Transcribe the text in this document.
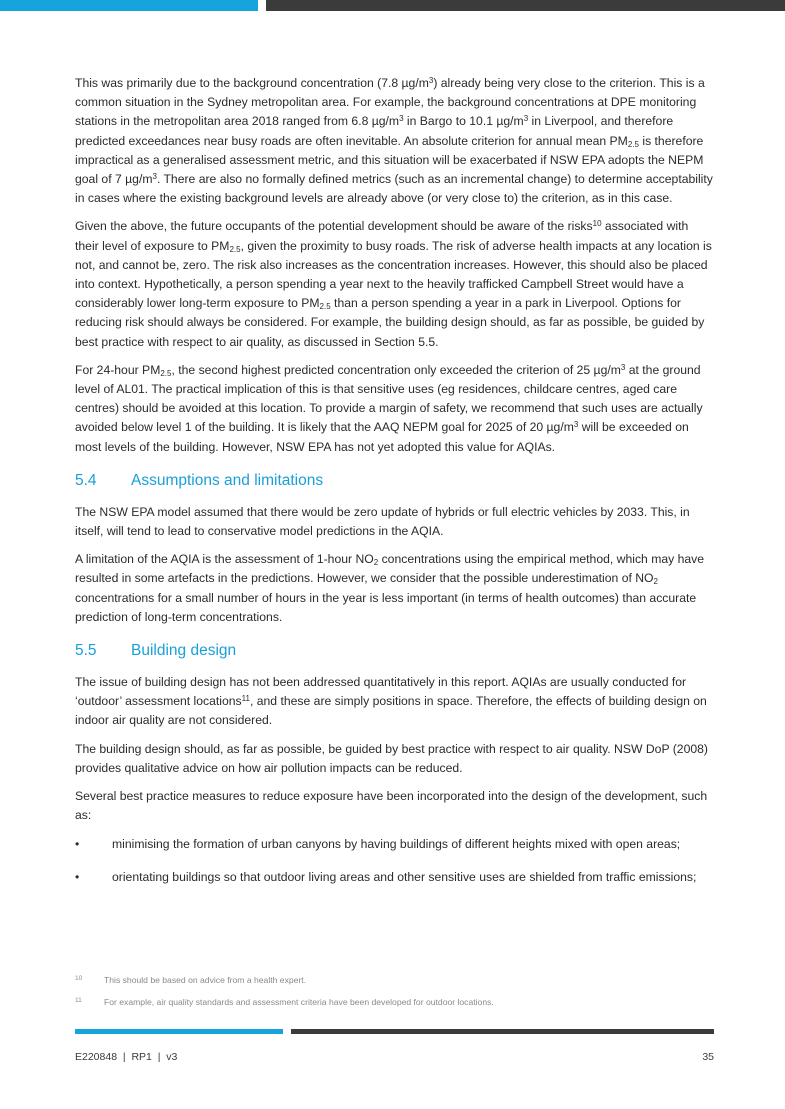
This was primarily due to the background concentration (7.8 $\mu g/m^3$) already being very close to the criterion. This is a common situation in the Sydney metropolitan area. For example, the background concentrations at DPE monitoring stations in the metropolitan area 2018 ranged from 6.8 $\mu g/m^3$ in Bargo to 10.1 $\mu g/m^3$ in Liverpool, and therefore predicted exceedances near busy roads are often inevitable. An absolute criterion for annual mean $PM_{2.5}$ is therefore impractical as a generalised assessment metric, and this situation will be exacerbated if NSW EPA adopts the NEPM goal of 7 $\mu g/m^3$. There are also no formally defined metrics (such as an incremental change) to determine acceptability in cases where the existing background levels are already above (or very close to) the criterion, as in this case.

Given the above, the future occupants of the potential development should be aware of the risks$^{10}$ associated with their level of exposure to $PM_{2.5}$, given the proximity to busy roads. The risk of adverse health impacts at any location is not, and cannot be, zero. The risk also increases as the concentration increases. However, this should also be placed into context. Hypothetically, a person spending a year next to the heavily trafficked Campbell Street would have a considerably lower long-term exposure to $PM_{2.5}$ than a person spending a year in a park in Liverpool. Options for reducing risk should always be considered. For example, the building design should, as far as possible, be guided by best practice with respect to air quality, as discussed in Section 5.5.

For 24-hour $PM_{2.5}$, the second highest predicted concentration only exceeded the criterion of 25 $\mu g/m^3$ at the ground level of AL01. The practical implication of this is that sensitive uses (eg residences, childcare centres, aged care centres) should be avoided at this location. To provide a margin of safety, we recommend that such uses are actually avoided below level 1 of the building. It is likely that the AAQ NEPM goal for 2025 of 20 $\mu g/m^3$ will be exceeded on most levels of the building. However, NSW EPA has not yet adopted this value for AQIAs.

5.4	Assumptions and limitations

The NSW EPA model assumed that there would be zero update of hybrids or full electric vehicles by 2033. This, in itself, will tend to lead to conservative model predictions in the AQIA.

A limitation of the AQIA is the assessment of 1-hour $NO_2$ concentrations using the empirical method, which may have resulted in some artefacts in the predictions. However, we consider that the possible underestimation of $NO_2$ concentrations for a small number of hours in the year is less important (in terms of health outcomes) than accurate prediction of long-term concentrations.

5.5	Building design

The issue of building design has not been addressed quantitatively in this report. AQIAs are usually conducted for ‘outdoor’ assessment locations$^{11}$, and these are simply positions in space. Therefore, the effects of building design on indoor air quality are not considered.

The building design should, as far as possible, be guided by best practice with respect to air quality. NSW DoP (2008) provides qualitative advice on how air pollution impacts can be reduced.

Several best practice measures to reduce exposure have been incorporated into the design of the development, such as:

•	minimising the formation of urban canyons by having buildings of different heights mixed with open areas;
•	orientating buildings so that outdoor living areas and other sensitive uses are shielded from traffic emissions;
10	This should be based on advice from a health expert.
11	For example, air quality standards and assessment criteria have been developed for outdoor locations.
E220848  |  RP1  |  v3	35
